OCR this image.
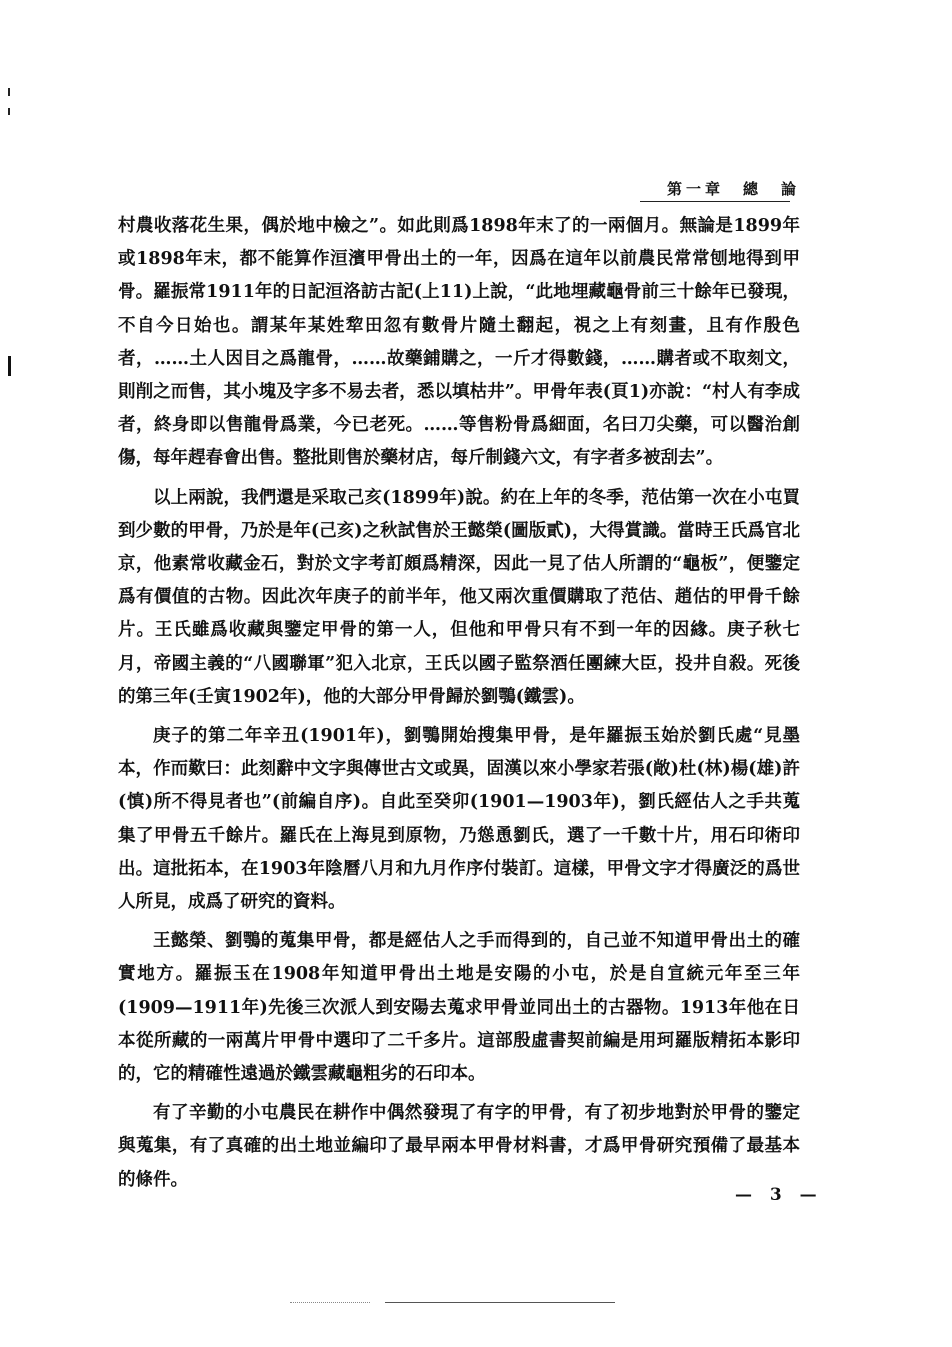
第一章　總　論

村農收落花生果，偶於地中檢之”。如此則爲1898年末了的一兩個月。無論是1899年或1898年末，都不能算作洹濱甲骨出土的一年，因爲在這年以前農民常常刨地得到甲骨。羅振常1911年的日記洹洛訪古記(上11)上說，“此地埋藏龜骨前三十餘年已發現，不自今日始也。謂某年某姓犂田忽有數骨片隨土翻起，視之上有刻畫，且有作殷色者，……土人因目之爲龍骨，……故藥鋪購之，一斤才得數錢，……購者或不取刻文，則削之而售，其小塊及字多不易去者，悉以填枯井”。甲骨年表(頁1)亦說：“村人有李成者，終身即以售龍骨爲業，今已老死。……等售粉骨爲細面，名曰刀尖藥，可以醫治創傷，每年趕春會出售。整批則售於藥材店，每斤制錢六文，有字者多被刮去”。

以上兩說，我們還是采取己亥(1899年)說。約在上年的冬季，范估第一次在小屯買到少數的甲骨，乃於是年(己亥)之秋試售於王懿榮(圖版貳)，大得賞識。當時王氏爲官北京，他素常收藏金石，對於文字考訂頗爲精深，因此一見了估人所謂的“龜板”，便鑒定爲有價值的古物。因此次年庚子的前半年，他又兩次重價購取了范估、趙估的甲骨千餘片。王氏雖爲收藏與鑒定甲骨的第一人，但他和甲骨只有不到一年的因緣。庚子秋七月，帝國主義的“八國聯軍”犯入北京，王氏以國子監祭酒任團練大臣，投井自殺。死後的第三年(壬寅1902年)，他的大部分甲骨歸於劉鶚(鐵雲)。

庚子的第二年辛丑(1901年)，劉鶚開始搜集甲骨，是年羅振玉始於劉氏處“見墨本，作而歎曰：此刻辭中文字與傳世古文或異，固漢以來小學家若張(敞)杜(林)楊(雄)許(慎)所不得見者也”(前編自序)。自此至癸卯(1901—1903年)，劉氏經估人之手共蒐集了甲骨五千餘片。羅氏在上海見到原物，乃慫恿劉氏，選了一千數十片，用石印術印出。這批拓本，在1903年陰曆八月和九月作序付裝訂。這樣，甲骨文字才得廣泛的爲世人所見，成爲了研究的資料。

王懿榮、劉鶚的蒐集甲骨，都是經估人之手而得到的，自己並不知道甲骨出土的確實地方。羅振玉在1908年知道甲骨出土地是安陽的小屯，於是自宣統元年至三年(1909—1911年)先後三次派人到安陽去蒐求甲骨並同出土的古器物。1913年他在日本從所藏的一兩萬片甲骨中選印了二千多片。這部殷虛書契前編是用珂羅版精拓本影印的，它的精確性遠過於鐵雲藏龜粗劣的石印本。

有了辛勤的小屯農民在耕作中偶然發現了有字的甲骨，有了初步地對於甲骨的鑒定與蒐集，有了真確的出土地並編印了最早兩本甲骨材料書，才爲甲骨研究預備了最基本的條件。

— 3 —
